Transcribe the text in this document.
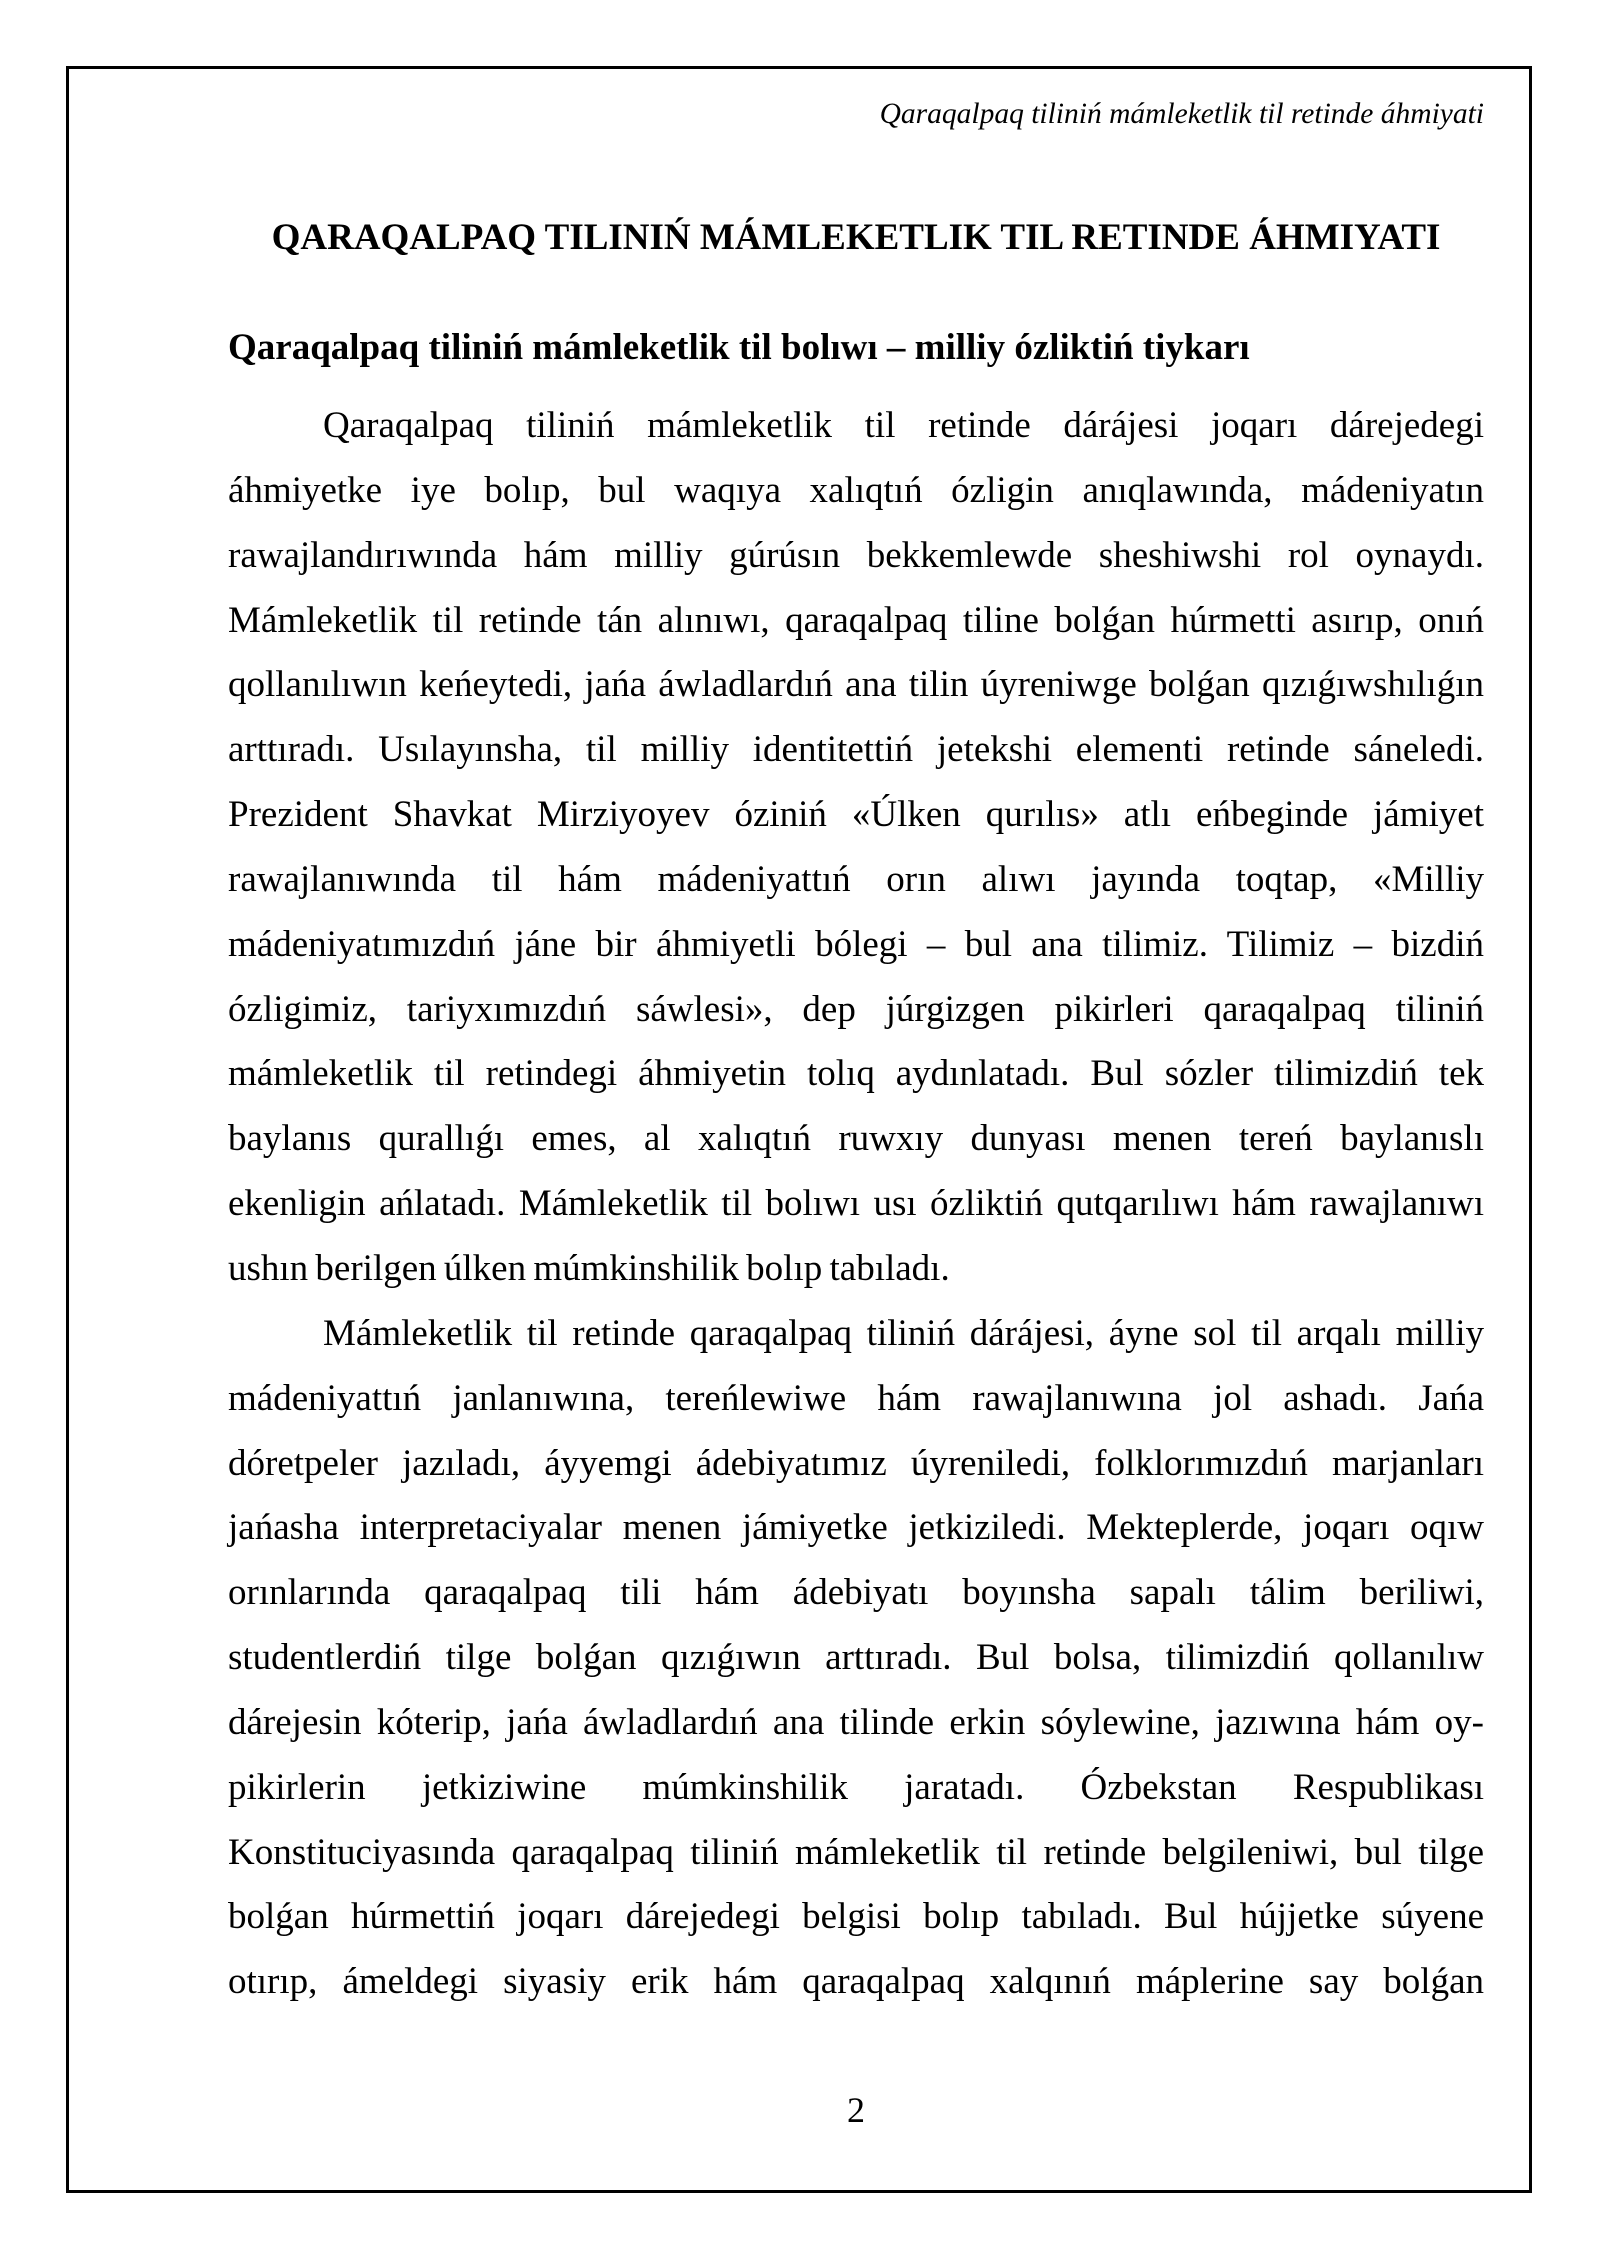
Qaraqalpaq tiliniń mámleketlik til retinde áhmiyati
QARAQALPAQ TILINIŃ MÁMLEKETLIK TIL RETINDE ÁHMIYATI
Qaraqalpaq tiliniń mámleketlik til bolıwı – milliy ózliktiń tiykarı
Qaraqalpaq tiliniń mámleketlik til retinde dárájesi joqarı dárejedegi
áhmiyetke iye bolıp, bul waqıya xalıqtıń ózligin anıqlawında, mádeniyatın
rawajlandırıwında hám milliy gúrúsın bekkemlewde sheshiwshi rol oynaydı.
Mámleketlik til retinde tán alınıwı, qaraqalpaq tiline bolǵan húrmetti asırıp, onıń
qollanılıwın keńeytedi, jańa áwladlardıń ana tilin úyreniwge bolǵan qızıǵıwshılıǵın
arttıradı. Usılayınsha, til milliy identitettiń jetekshi elementi retinde sáneledi.
Prezident Shavkat Mirziyoyev óziniń «Úlken qurılıs» atlı eńbeginde jámiyet
rawajlanıwında til hám mádeniyattıń orın alıwı jayında toqtap, «Milliy
mádeniyatımızdıń jáne bir áhmiyetli bólegi – bul ana tilimiz. Tilimiz – bizdiń
ózligimiz, tariyxımızdıń sáwlesi», dep júrgizgen pikirleri qaraqalpaq tiliniń
mámleketlik til retindegi áhmiyetin tolıq aydınlatadı. Bul sózler tilimizdiń tek
baylanıs qurallıǵı emes, al xalıqtıń ruwxıy dunyası menen tereń baylanıslı
ekenligin ańlatadı. Mámleketlik til bolıwı usı ózliktiń qutqarılıwı hám rawajlanıwı
ushın berilgen úlken múmkinshilik bolıp tabıladı.
Mámleketlik til retinde qaraqalpaq tiliniń dárájesi, áyne sol til arqalı milliy
mádeniyattıń janlanıwına, tereńlewiwe hám rawajlanıwına jol ashadı. Jańa
dóretpeler jazıladı, áyyemgi ádebiyatımız úyreniledi, folklorımızdıń marjanları
jańasha interpretaciyalar menen jámiyetke jetkiziledi. Mekteplerde, joqarı oqıw
orınlarında qaraqalpaq tili hám ádebiyatı boyınsha sapalı tálim beriliwi,
studentlerdiń tilge bolǵan qızıǵıwın arttıradı. Bul bolsa, tilimizdiń qollanılıw
dárejesin kóterip, jańa áwladlardıń ana tilinde erkin sóylewine, jazıwına hám oy-
pikirlerin jetkiziwine múmkinshilik jaratadı. Ózbekstan Respublikası
Konstituciyasında qaraqalpaq tiliniń mámleketlik til retinde belgileniwi, bul tilge
bolǵan húrmettiń joqarı dárejedegi belgisi bolıp tabıladı. Bul hújjetke súyene
otırıp, ámeldegi siyasiy erik hám qaraqalpaq xalqınıń máplerine say bolǵan
2
